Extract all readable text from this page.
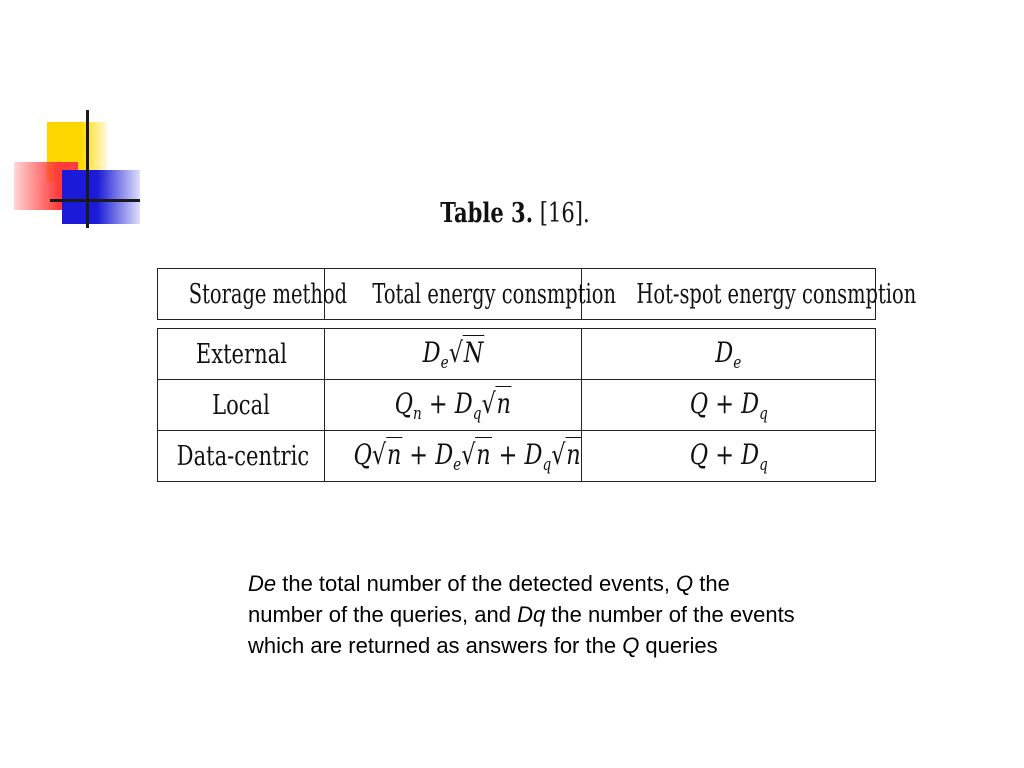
Table 3. [16].
Storage method	Total energy consmption	Hot-spot energy consmption
External	$D_e√N$	$D_e$
Local	$Q_n + D_q√n$	$Q + D_q$
Data-centric	$Q√n + D_e√n + D_q√n$	$Q + D_q$
De the total number of the detected events, Q the number of the queries, and Dq the number of the events which are returned as answers for the Q queries
